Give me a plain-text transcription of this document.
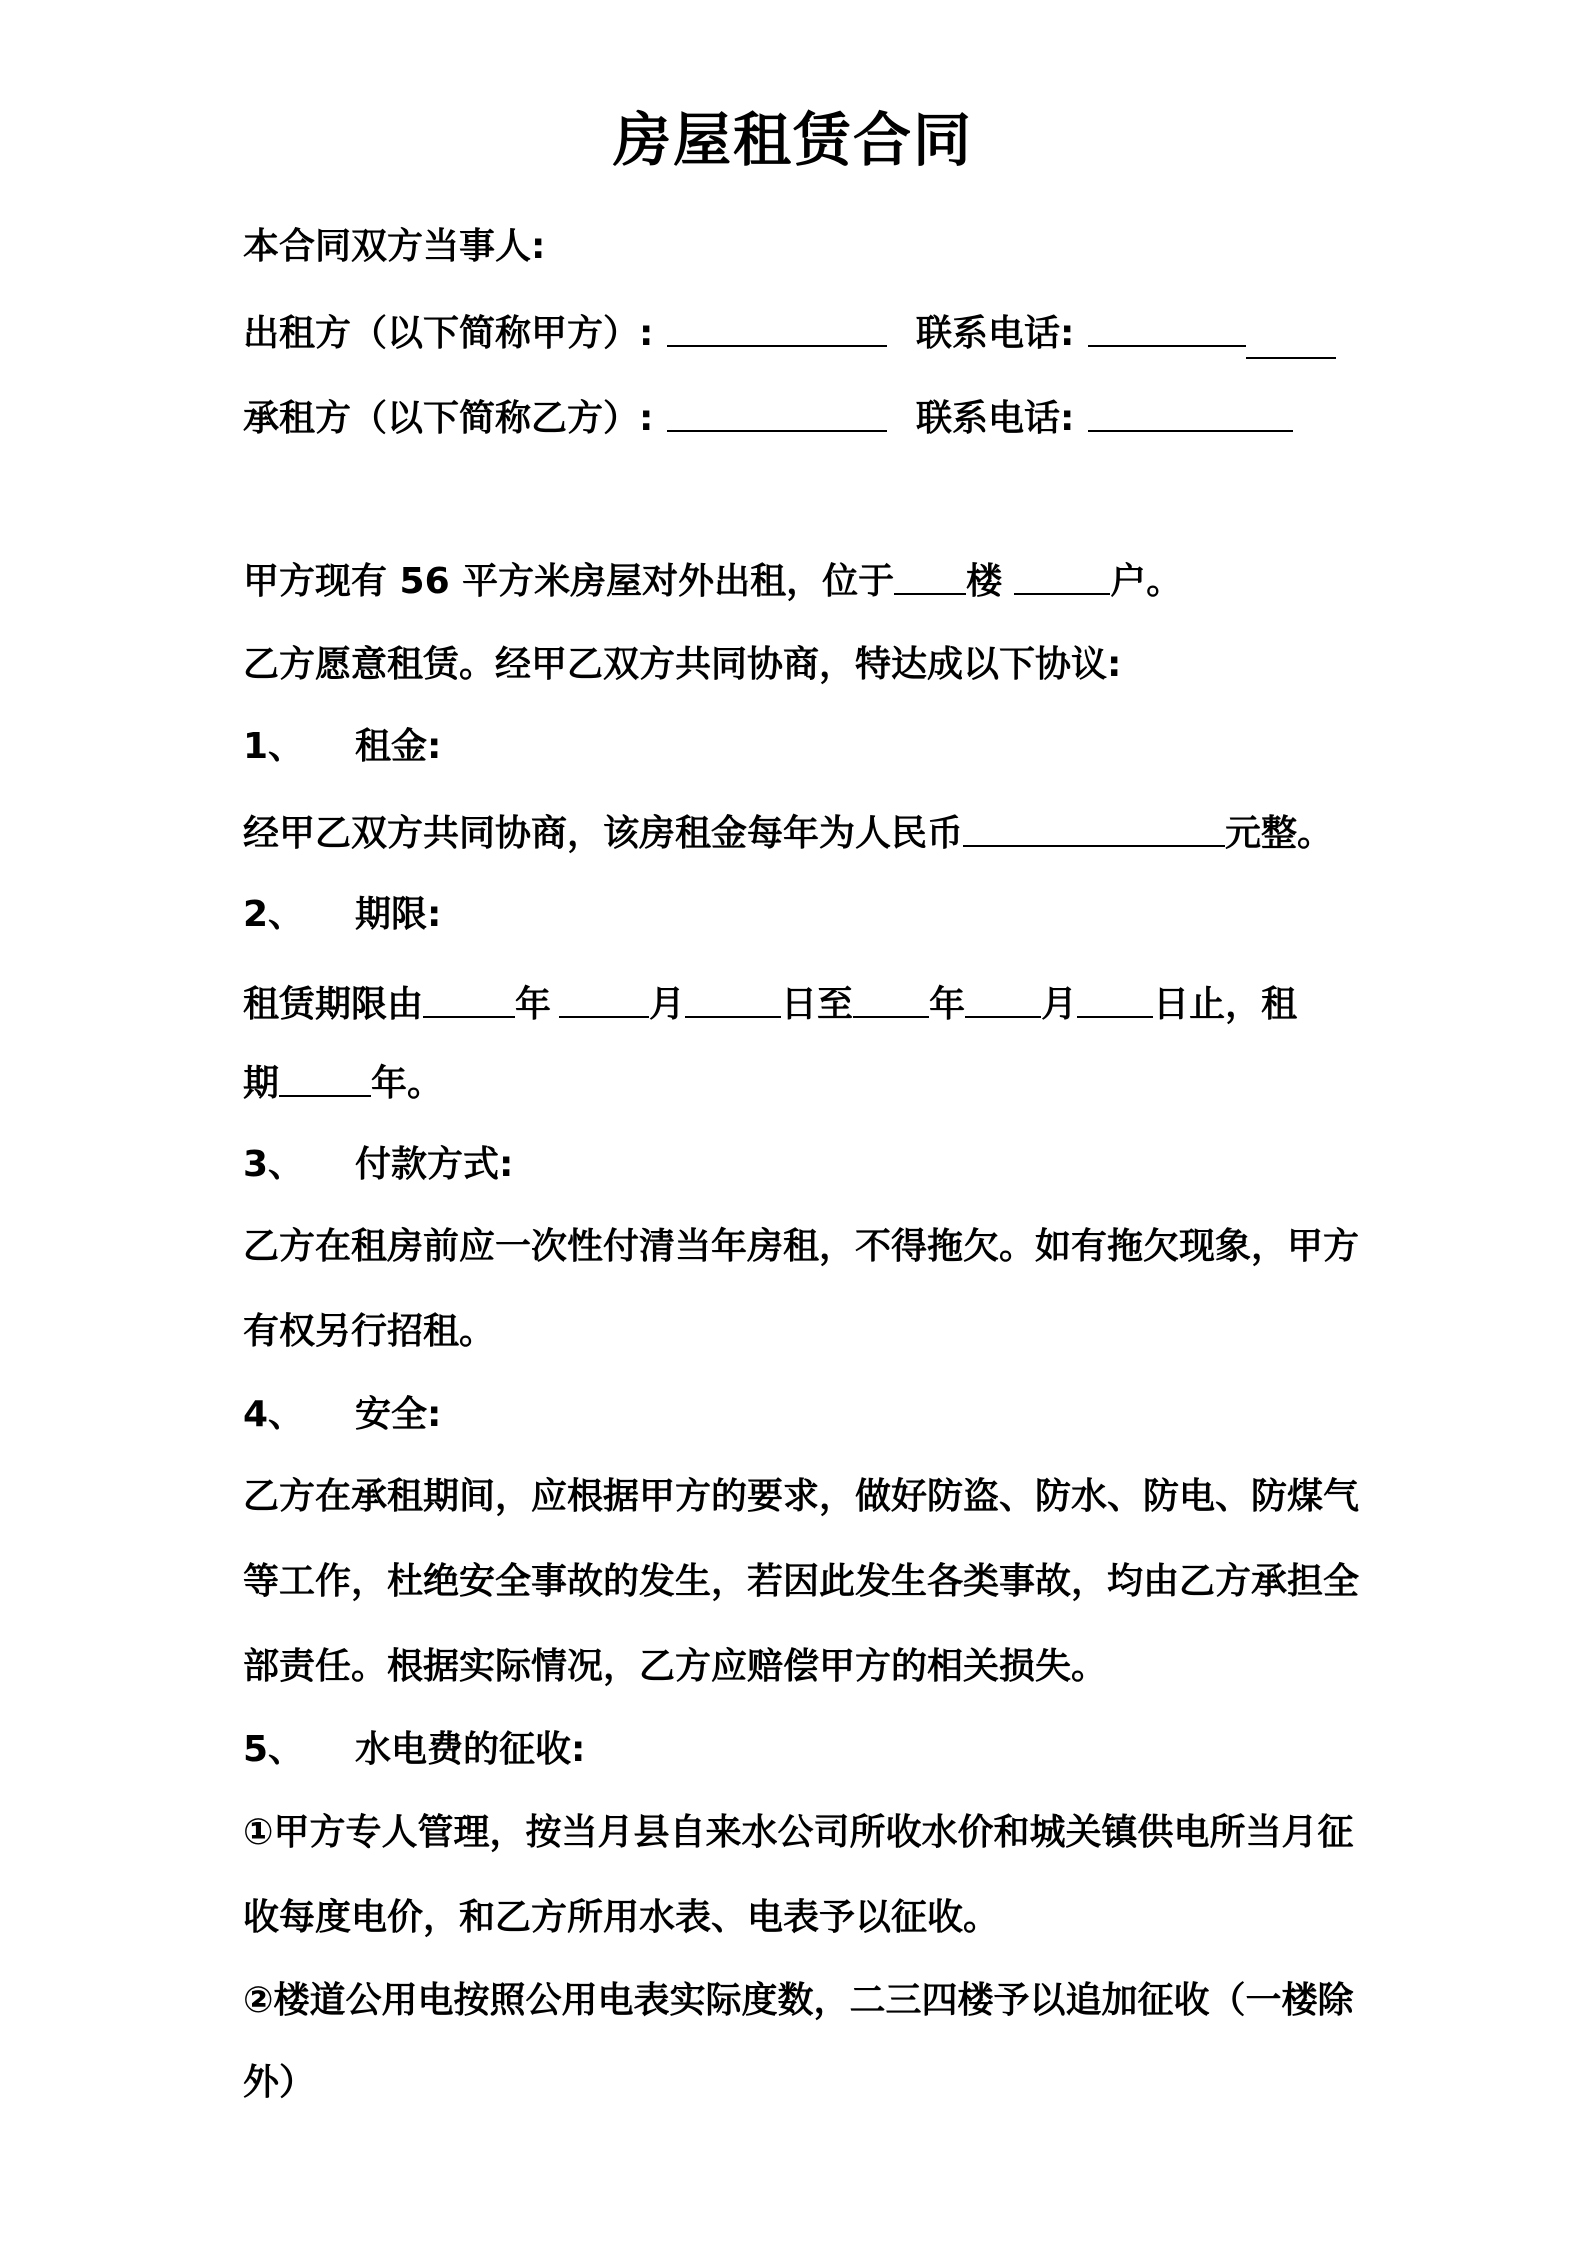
房屋租赁合同
本合同双方当事人:
出租方（以下简称甲方）:	联系电话:
承租方（以下简称乙方）:	联系电话:
甲方现有 56 平方米房屋对外出租，位于 楼	户。
乙方愿意租赁。经甲乙双方共同协商，特达成以下协议:
1、 租金:
经甲乙双方共同协商，该房租金每年为人民币	元整。
2、 期限:
租赁期限由	年	月	日至 年 月 日止，租
期	年。
3、 付款方式:
乙方在租房前应一次性付清当年房租，不得拖欠。如有拖欠现象，甲方
有权另行招租。
4、 安全:
乙方在承租期间，应根据甲方的要求，做好防盗、防水、防电、防煤气
等工作，杜绝安全事故的发生，若因此发生各类事故，均由乙方承担全
部责任。根据实际情况，乙方应赔偿甲方的相关损失。
5、 水电费的征收:
①甲方专人管理，按当月县自来水公司所收水价和城关镇供电所当月征
收每度电价，和乙方所用水表、电表予以征收。
②楼道公用电按照公用电表实际度数，二三四楼予以追加征收（一楼除
外）
